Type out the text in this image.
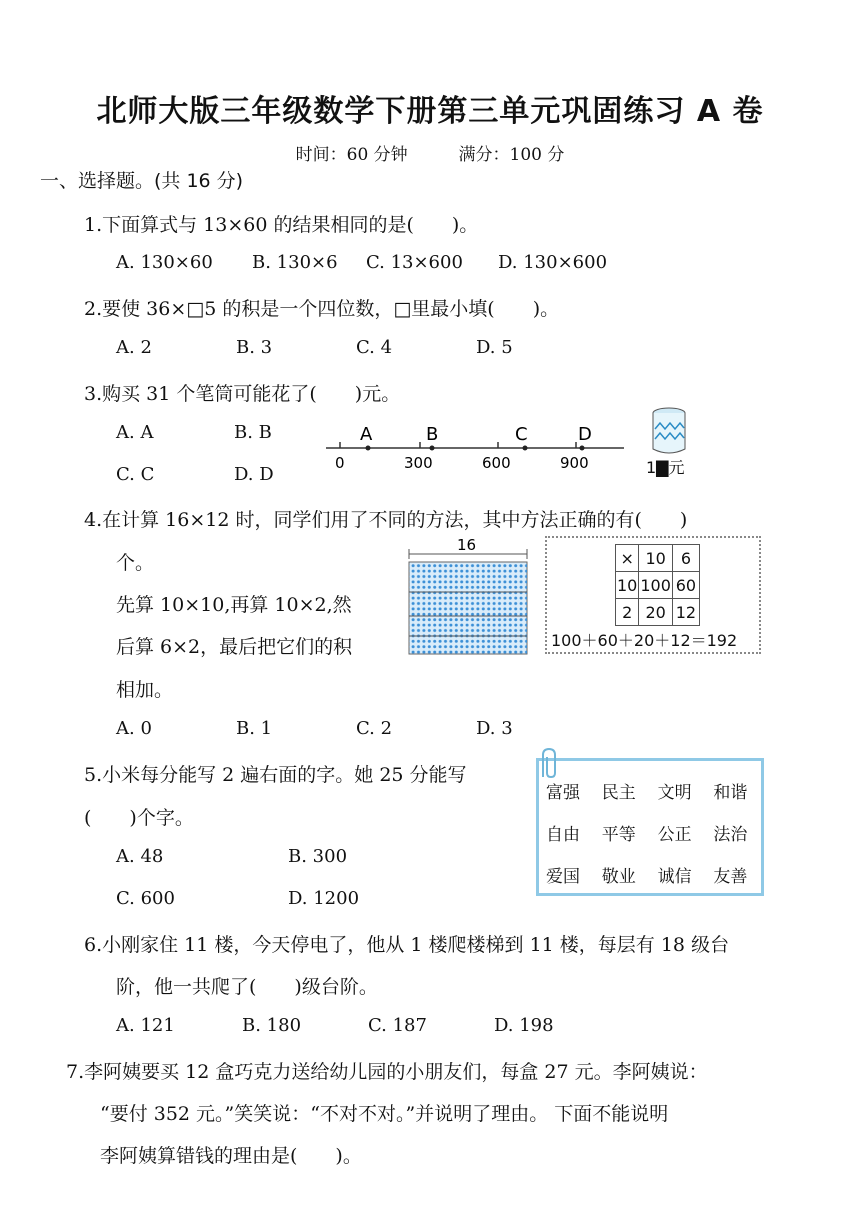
北师大版三年级数学下册第三单元巩固练习 A 卷
时间：60 分钟	满分：100 分
一、选择题。(共 16 分)
1.下面算式与 13×60 的结果相同的是(　　)。
A. 130×60 B. 130×6 C. 13×600 D. 130×600
2.要使 36×□5 的积是一个四位数，□里最小填(　　)。
A. 2	B. 3	C. 4	D. 5
3.购买 31 个笔筒可能花了(　　)元。
A. A	B. B
C. C	D. D
A	B	C	D
0	300	600	900	1▇元
4.在计算 16×12 时，同学们用了不同的方法，其中方法正确的有(　　)
个。
先算 10×10,再算 10×2,然
后算 6×2，最后把它们的积
相加。
16
×	10	6
10	100	60
2	20	12
100＋60＋20＋12＝192
A. 0	B. 1	C. 2	D. 3
5.小米每分能写 2 遍右面的字。她 25 分能写
(　　)个字。
A. 48	B. 300
C. 600	D. 1200
富强	民主	文明	和谐
自由	平等	公正	法治
爱国	敬业	诚信	友善
6.小刚家住 11 楼，今天停电了，他从 1 楼爬楼梯到 11 楼，每层有 18 级台
阶，他一共爬了(　　)级台阶。
A. 121	B. 180	C. 187	D. 198
7.李阿姨要买 12 盒巧克力送给幼儿园的小朋友们，每盒 27 元。李阿姨说：
“要付 352 元。”笑笑说：“不对不对。”并说明了理由。 下面不能说明
李阿姨算错钱的理由是(　　)。
